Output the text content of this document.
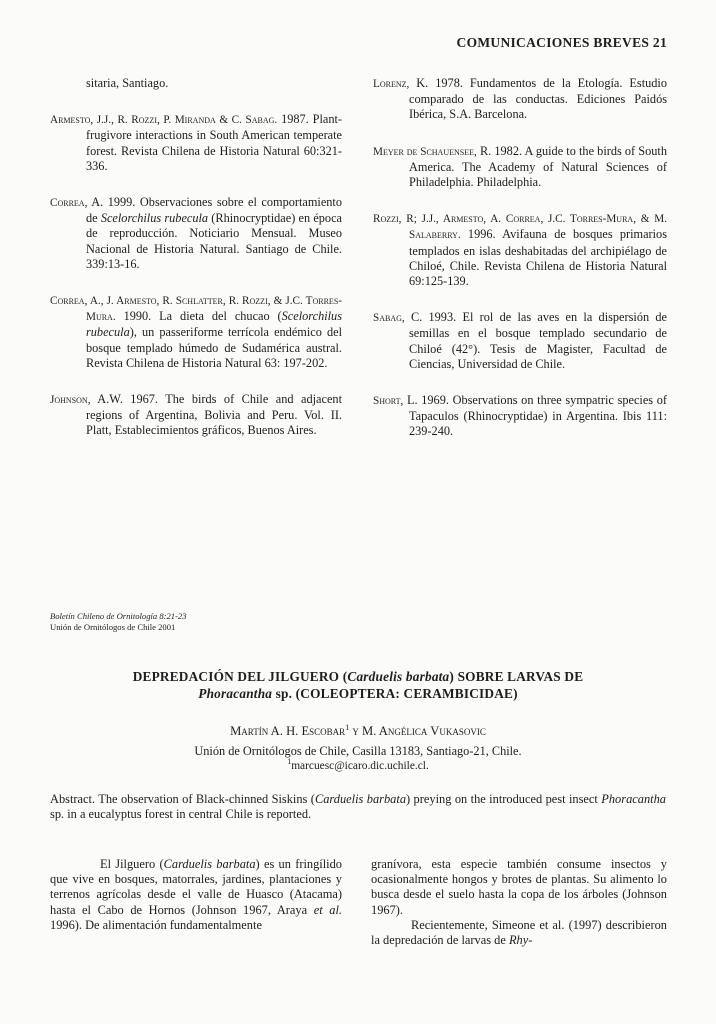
COMUNICACIONES BREVES 21

sitaria, Santiago.

Armesto, J.J., R. Rozzi, P. Miranda & C. Sabag. 1987. Plant-frugivore interactions in South American temperate forest. Revista Chilena de Historia Natural 60:321-336.

Correa, A. 1999. Observaciones sobre el comportamiento de Scelorchilus rubecula (Rhinocryptidae) en época de reproducción. Noticiario Mensual. Museo Nacional de Historia Natural. Santiago de Chile. 339:13-16.

Correa, A., J. Armesto, R. Schlatter, R. Rozzi, & J.C. Torres-Mura. 1990. La dieta del chucao (Scelorchilus rubecula), un passeriforme terrícola endémico del bosque templado húmedo de Sudamérica austral. Revista Chilena de Historia Natural 63: 197-202.

Johnson, A.W. 1967. The birds of Chile and adjacent regions of Argentina, Bolivia and Peru. Vol. II. Platt, Establecimientos gráficos, Buenos Aires.

Lorenz, K. 1978. Fundamentos de la Etología. Estudio comparado de las conductas. Ediciones Paidós Ibérica, S.A. Barcelona.

Meyer de Schauensee, R. 1982. A guide to the birds of South America. The Academy of Natural Sciences of Philadelphia. Philadelphia.

Rozzi, R; J.J., Armesto, A. Correa, J.C. Torres-Mura, & M. Salaberry. 1996. Avifauna de bosques primarios templados en islas deshabitadas del archipiélago de Chiloé, Chile. Revista Chilena de Historia Natural 69:125-139.

Sabag, C. 1993. El rol de las aves en la dispersión de semillas en el bosque templado secundario de Chiloé (42°). Tesis de Magister, Facultad de Ciencias, Universidad de Chile.

Short, L. 1969. Observations on three sympatric species of Tapaculos (Rhinocryptidae) in Argentina. Ibis 111: 239-240.

Boletín Chileno de Ornitología 8:21-23
Unión de Ornitólogos de Chile 2001
DEPREDACIÓN DEL JILGUERO (Carduelis barbata) SOBRE LARVAS DE
Phoracantha sp. (COLEOPTERA: CERAMBICIDAE)
Martín A. H. Escobar$^1$ y M. Angélica Vukasovic
Unión de Ornitólogos de Chile, Casilla 13183, Santiago-21, Chile.
$^1$marcuesc@icaro.dic.uchile.cl.
Abstract. The observation of Black-chinned Siskins (Carduelis barbata) preying on the introduced pest insect Phoracantha sp. in a eucalyptus forest in central Chile is reported.
El Jilguero (Carduelis barbata) es un fringílido que vive en bosques, matorrales, jardines, plantaciones y terrenos agrícolas desde el valle de Huasco (Atacama) hasta el Cabo de Hornos (Johnson 1967, Araya et al. 1996). De alimentación fundamentalmente
granívora, esta especie también consume insectos y ocasionalmente hongos y brotes de plantas. Su alimento lo busca desde el suelo hasta la copa de los árboles (Johnson 1967).
Recientemente, Simeone et al. (1997) describieron la depredación de larvas de Rhy-
